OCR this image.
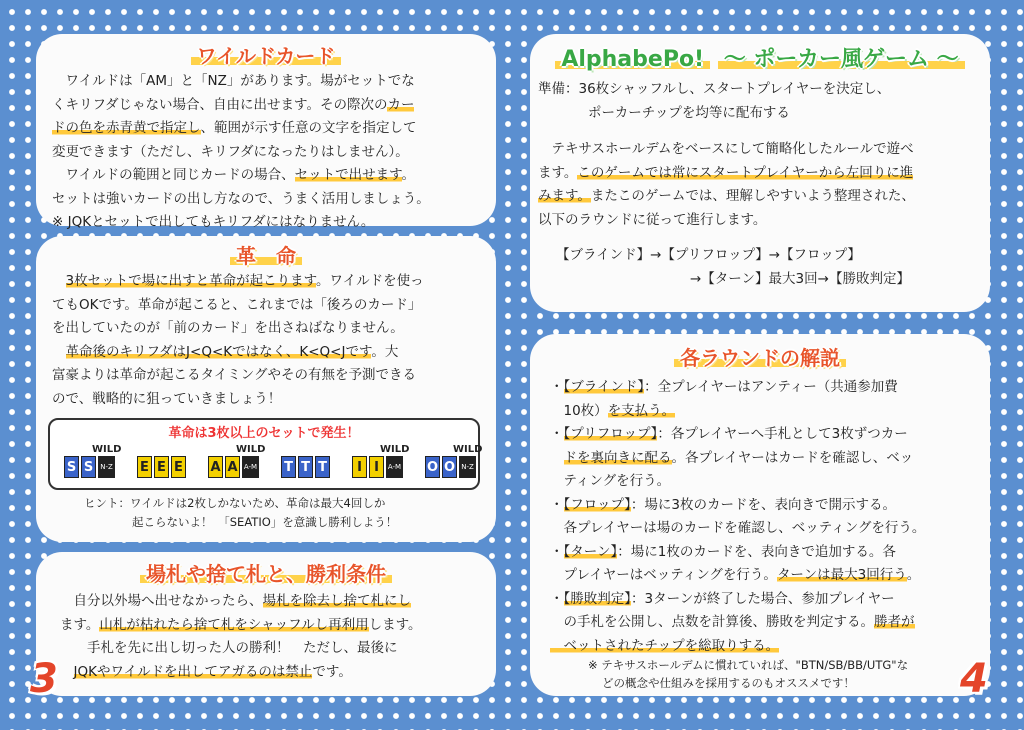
ワイルドカード
　ワイルドは「AM」と「NZ」があります。場がセットでな
くキリフダじゃない場合、自由に出せます。その際次のカー
ドの色を赤青黄で指定し、範囲が示す任意の文字を指定して
変更できます（ただし、キリフダになったりはしません）。
　ワイルドの範囲と同じカードの場合、セットで出せます。
セットは強いカードの出し方なので、うまく活用しましょう。
※ JQKとセットで出してもキリフダにはなりません。
革　命
　3枚セットで場に出すと革命が起こります。ワイルドを使っ
てもOKです。革命が起こると、これまでは「後ろのカード」
を出していたのが「前のカード」を出さねばなりません。
　革命後のキリフダはJ<Q<Kではなく、K<Q<Jです。大
富豪よりは革命が起こるタイミングやその有無を予測できる
ので、戦略的に狙っていきましょう！
革命は3枚以上のセットで発生！
WILD
S S	N-Z E E E
WILD
A A A-M T T T
WILD
I I	A-M
WILD
O O N-Z
ヒント：ワイルドは2枚しかないため、革命は最大4回しか
起こらないよ！　「SEATIO」を意識し勝利しよう！
場札や捨て札と、勝利条件
　自分以外場へ出せなかったら、場札を除去し捨て札にし
ます。山札が枯れたら捨て札をシャッフルし再利用します。
　　手札を先に出し切った人の勝利！　ただし、最後に
　JQKやワイルドを出してアガるのは禁止です。
3
AlphabePo! 〜 ポーカー風ゲーム 〜
準備：36枚シャッフルし、スタートプレイヤーを決定し、
ポーカーチップを均等に配布する
　テキサスホールデムをベースにして簡略化したルールで遊べ
ます。このゲームでは常にスタートプレイヤーから左回りに進
みます。またこのゲームでは、理解しやすいよう整理された、
以下のラウンドに従って進行します。
【ブラインド】→【プリフロップ】→【フロップ】
→【ターン】最大3回→【勝敗判定】
各ラウンドの解説
・【ブラインド】：全プレイヤーはアンティー（共通参加費
　10枚）を支払う。
・【プリフロップ】：各プレイヤーへ手札として3枚ずつカー
　ドを裏向きに配る。各プレイヤーはカードを確認し、ベッ
　ティングを行う。
・【フロップ】：場に3枚のカードを、表向きで開示する。
　各プレイヤーは場のカードを確認し、ベッティングを行う。
・【ターン】：場に1枚のカードを、表向きで追加する。各
　プレイヤーはベッティングを行う。ターンは最大3回行う。
・【勝敗判定】：3ターンが終了した場合、参加プレイヤー
　の手札を公開し、点数を計算後、勝敗を判定する。勝者が
　ベットされたチップを総取りする。
※ テキサスホールデムに慣れていれば、"BTN/SB/BB/UTG"な
どの概念や仕組みを採用するのもオススメです！	4
